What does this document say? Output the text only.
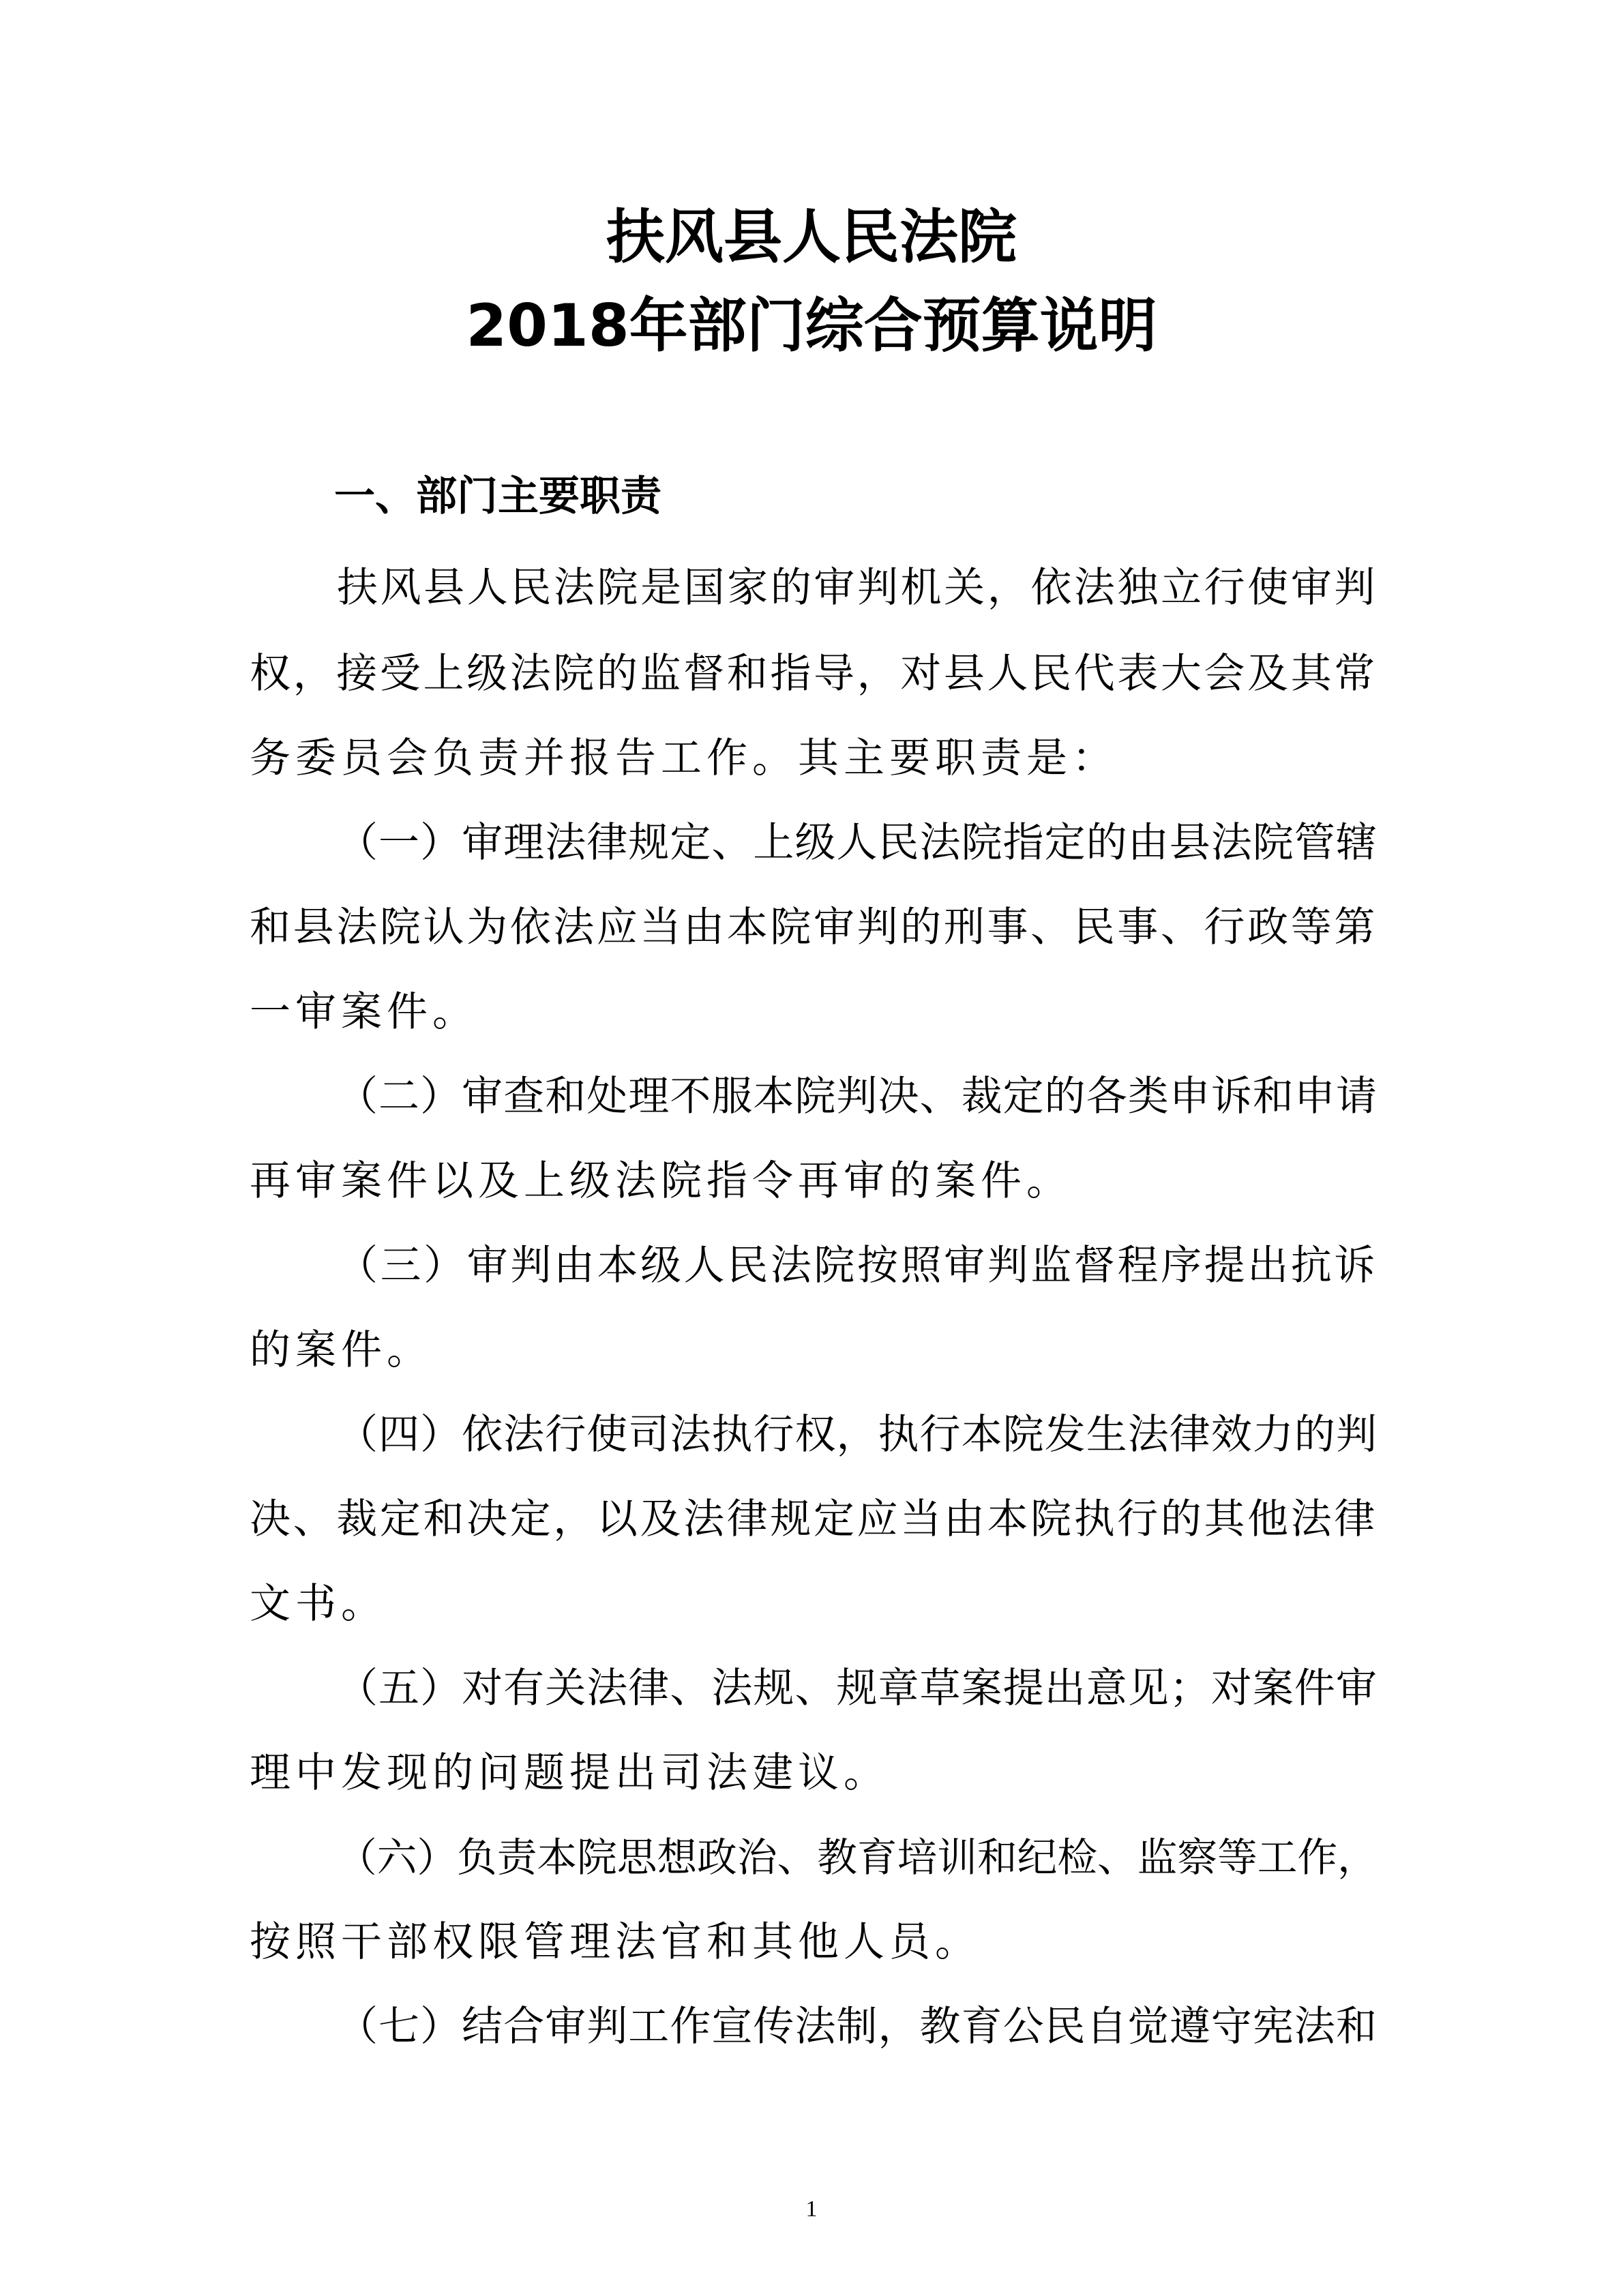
扶风县人民法院
2018年部门综合预算说明
一、部门主要职责
扶风县人民法院是国家的审判机关，依法独立行使审判
权，接受上级法院的监督和指导，对县人民代表大会及其常
务委员会负责并报告工作。其主要职责是：
（一）审理法律规定、上级人民法院指定的由县法院管辖
和县法院认为依法应当由本院审判的刑事、民事、行政等第
一审案件。
（二）审查和处理不服本院判决、裁定的各类申诉和申请
再审案件以及上级法院指令再审的案件。
（三）审判由本级人民法院按照审判监督程序提出抗诉
的案件。
（四）依法行使司法执行权，执行本院发生法律效力的判
决、裁定和决定，以及法律规定应当由本院执行的其他法律
文书。
（五）对有关法律、法规、规章草案提出意见；对案件审
理中发现的问题提出司法建议。
（六）负责本院思想政治、教育培训和纪检、监察等工作，
按照干部权限管理法官和其他人员。
（七）结合审判工作宣传法制，教育公民自觉遵守宪法和
1
